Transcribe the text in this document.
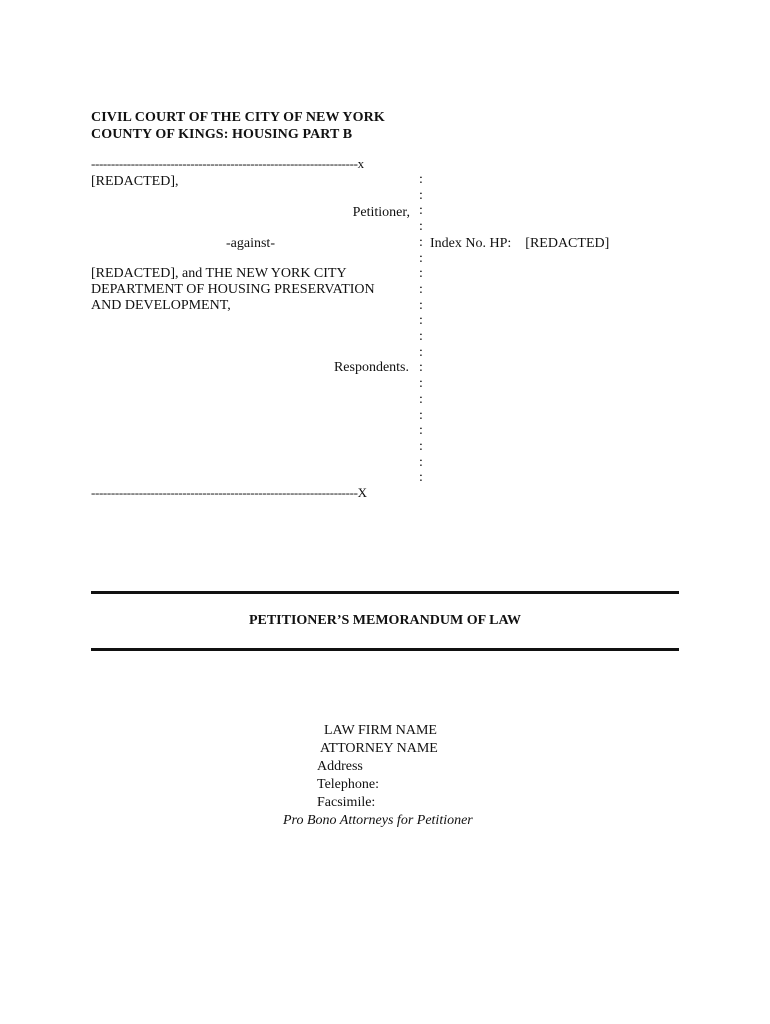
CIVIL COURT OF THE CITY OF NEW YORK
COUNTY OF KINGS: HOUSING PART B
-------------------------------------------------------------------x
[REDACTED],
Petitioner,
-against-
[REDACTED], and THE NEW YORK CITY
DEPARTMENT OF HOUSING PRESERVATION
AND DEVELOPMENT,
Respondents.
:
:
:
:
:
:
:
:
:
:
:
:
:
:
:
:
:
:
:
:
Index No. HP: [REDACTED]
-------------------------------------------------------------------X
PETITIONER’S MEMORANDUM OF LAW
LAW FIRM NAME
ATTORNEY NAME
Address
Telephone:
Facsimile:
Pro Bono Attorneys for Petitioner
